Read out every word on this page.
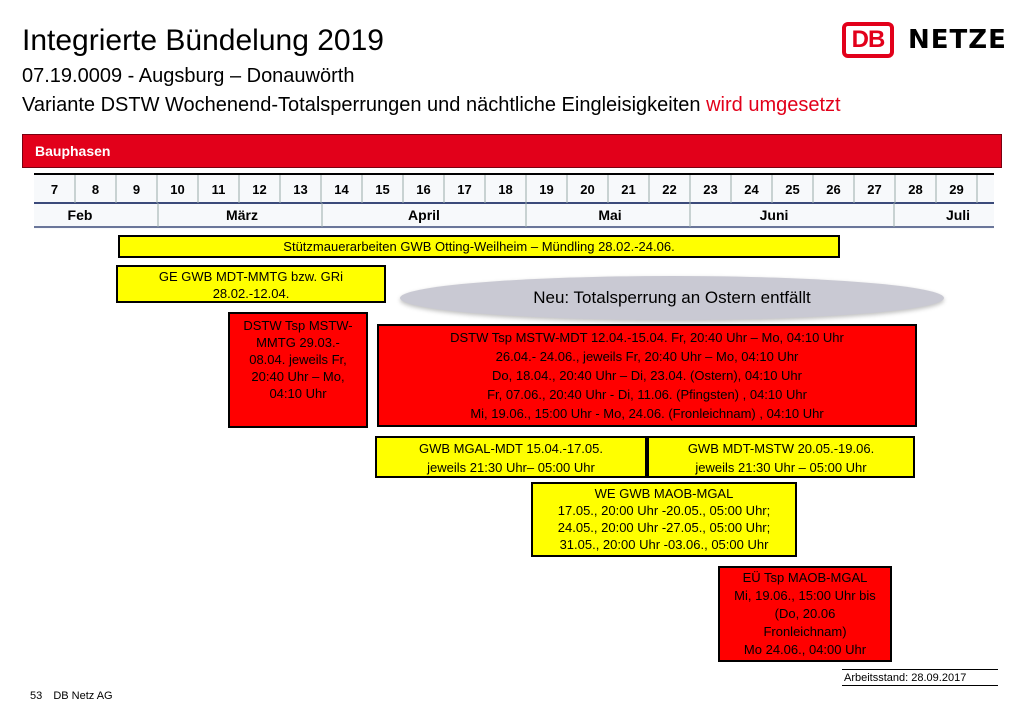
Integrierte Bündelung 2019
07.19.0009 - Augsburg – Donauwörth
Variante DSTW Wochenend-Totalsperrungen und nächtliche Eingleisigkeiten wird umgesetzt
DB NETZE
Bauphasen
7	8	9 10 11 12 13 14 15 16 17 18 19 20 21 22 23 24 25 26 27 28 29
Feb	März	April	Mai	Juni	Juli
Stützmauerarbeiten GWB Otting-Weilheim – Mündling 28.02.-24.06.
GE GWB MDT-MMTG bzw. GRi
28.02.-12.04.	Neu: Totalsperrung an Ostern entfällt
DSTW Tsp MSTW-
MMTG 29.03.-
08.04. jeweils Fr,
20:40 Uhr – Mo,
04:10 Uhr
DSTW Tsp MSTW-MDT 12.04.-15.04. Fr, 20:40 Uhr – Mo, 04:10 Uhr
26.04.- 24.06., jeweils Fr, 20:40 Uhr – Mo, 04:10 Uhr
Do, 18.04., 20:40 Uhr – Di, 23.04. (Ostern), 04:10 Uhr
Fr, 07.06., 20:40 Uhr - Di, 11.06. (Pfingsten) , 04:10 Uhr
Mi, 19.06., 15:00 Uhr - Mo, 24.06. (Fronleichnam) , 04:10 Uhr
GWB MGAL-MDT 15.04.-17.05.
jeweils 21:30 Uhr– 05:00 Uhr
GWB MDT-MSTW 20.05.-19.06.
jeweils 21:30 Uhr – 05:00 Uhr
WE GWB MAOB-MGAL
17.05., 20:00 Uhr -20.05., 05:00 Uhr;
24.05., 20:00 Uhr -27.05., 05:00 Uhr;
31.05., 20:00 Uhr -03.06., 05:00 Uhr
EÜ Tsp MAOB-MGAL
Mi, 19.06., 15:00 Uhr bis
(Do, 20.06
Fronleichnam)
Mo 24.06., 04:00 Uhr
Arbeitsstand: 28.09.2017
53 DB Netz AG
